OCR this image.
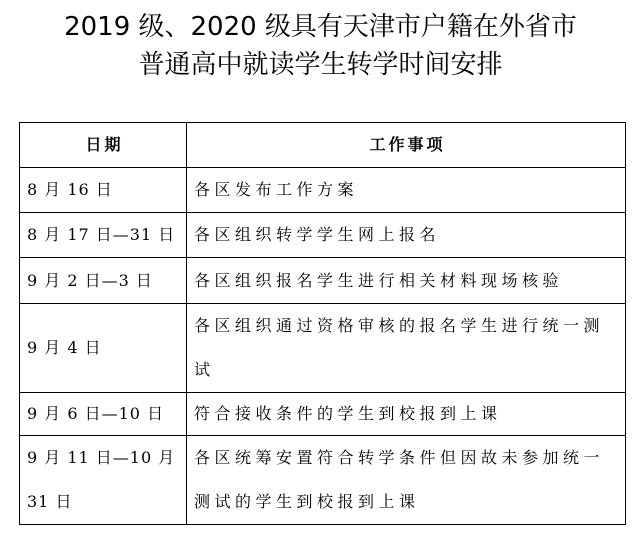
2019 级、2020 级具有天津市户籍在外省市
普通高中就读学生转学时间安排
日期	工作事项
8 月 16 日	各区发布工作方案
8 月 17 日—31 日	各区组织转学学生网上报名
9 月 2 日—3 日	各区组织报名学生进行相关材料现场核验
9 月 4 日	各区组织通过资格审核的报名学生进行统一测试
9 月 6 日—10 日	符合接收条件的学生到校报到上课
9 月 11 日—10 月 31 日	各区统筹安置符合转学条件但因故未参加统一测试的学生到校报到上课
